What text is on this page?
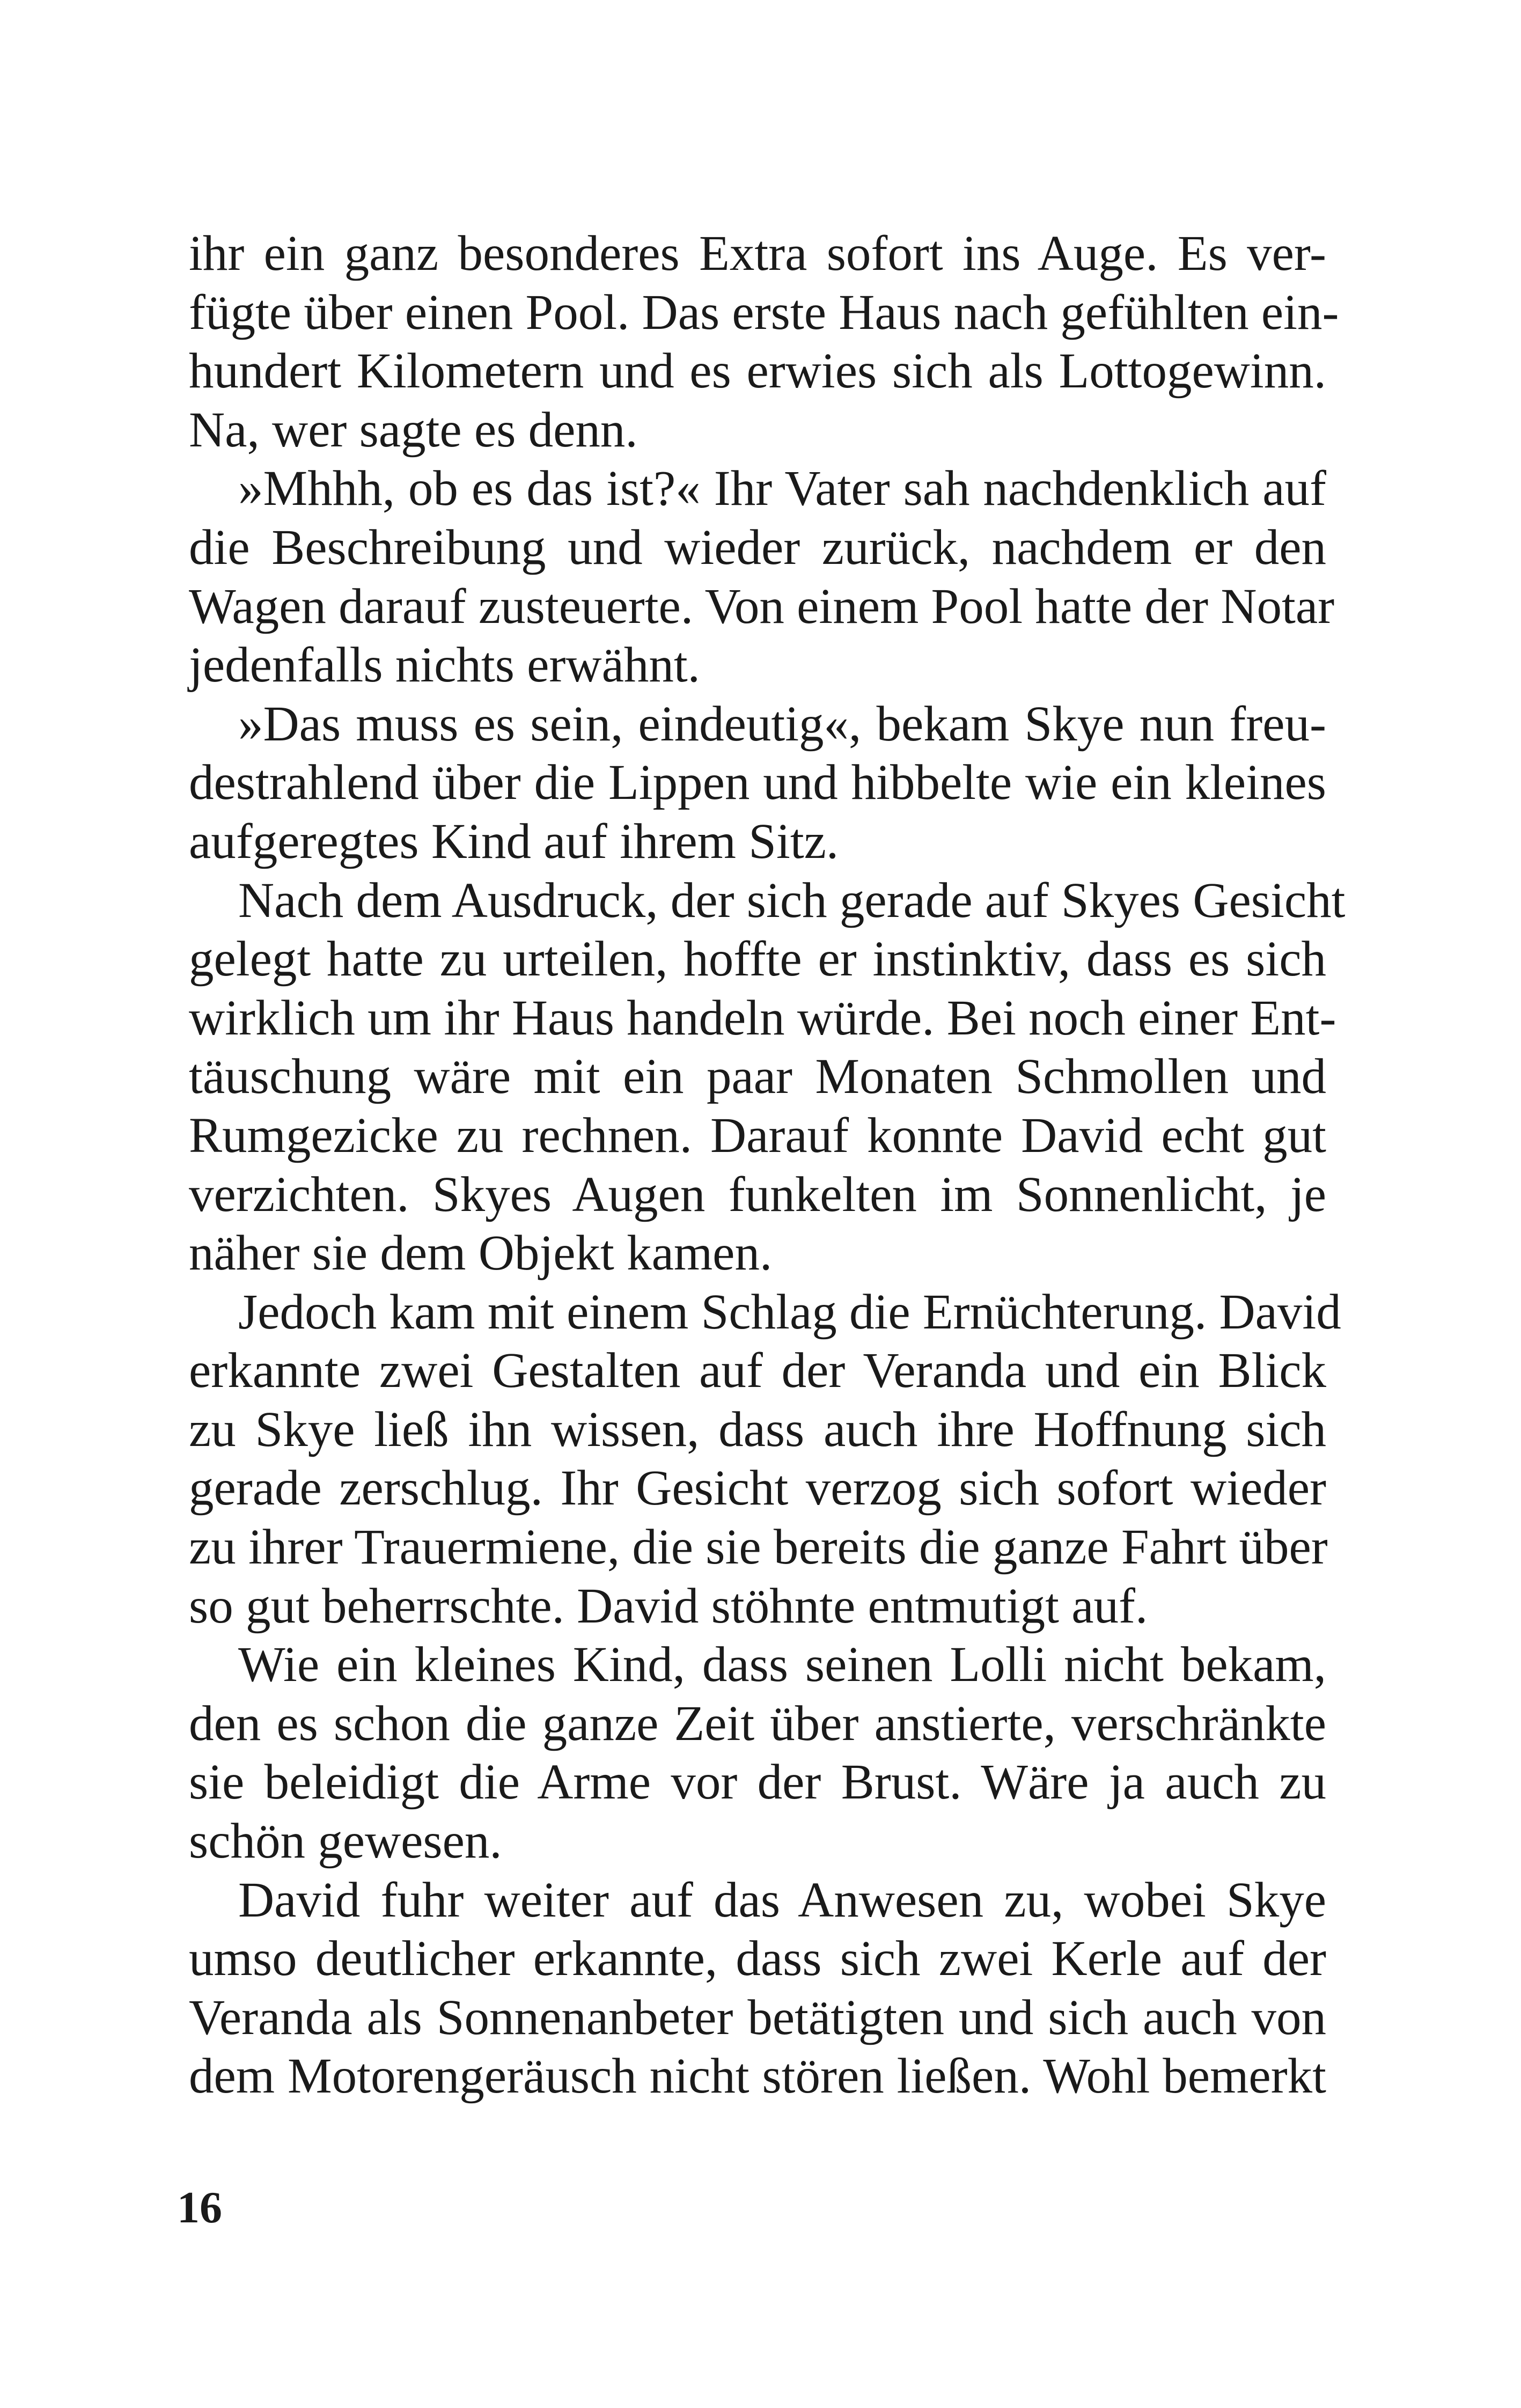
ihr ein ganz besonderes Extra sofort ins Auge. Es ver-
fügte über einen Pool. Das erste Haus nach gefühlten ein-
hundert Kilometern und es erwies sich als Lottogewinn.
Na, wer sagte es denn.
»Mhhh, ob es das ist?« Ihr Vater sah nachdenklich auf
die Beschreibung und wieder zurück, nachdem er den
Wagen darauf zusteuerte. Von einem Pool hatte der Notar
jedenfalls nichts erwähnt.
»Das muss es sein, eindeutig«, bekam Skye nun freu-
destrahlend über die Lippen und hibbelte wie ein kleines
aufgeregtes Kind auf ihrem Sitz.
Nach dem Ausdruck, der sich gerade auf Skyes Gesicht
gelegt hatte zu urteilen, hoffte er instinktiv, dass es sich
wirklich um ihr Haus handeln würde. Bei noch einer Ent-
täuschung wäre mit ein paar Monaten Schmollen und
Rumgezicke zu rechnen. Darauf konnte David echt gut
verzichten. Skyes Augen funkelten im Sonnenlicht, je
näher sie dem Objekt kamen.
Jedoch kam mit einem Schlag die Ernüchterung. David
erkannte zwei Gestalten auf der Veranda und ein Blick
zu Skye ließ ihn wissen, dass auch ihre Hoffnung sich
gerade zerschlug. Ihr Gesicht verzog sich sofort wieder
zu ihrer Trauermiene, die sie bereits die ganze Fahrt über
so gut beherrschte. David stöhnte entmutigt auf.
Wie ein kleines Kind, dass seinen Lolli nicht bekam,
den es schon die ganze Zeit über anstierte, verschränkte
sie beleidigt die Arme vor der Brust. Wäre ja auch zu
schön gewesen.
David fuhr weiter auf das Anwesen zu, wobei Skye
umso deutlicher erkannte, dass sich zwei Kerle auf der
Veranda als Sonnenanbeter betätigten und sich auch von
dem Motorengeräusch nicht stören ließen. Wohl bemerkt
16
